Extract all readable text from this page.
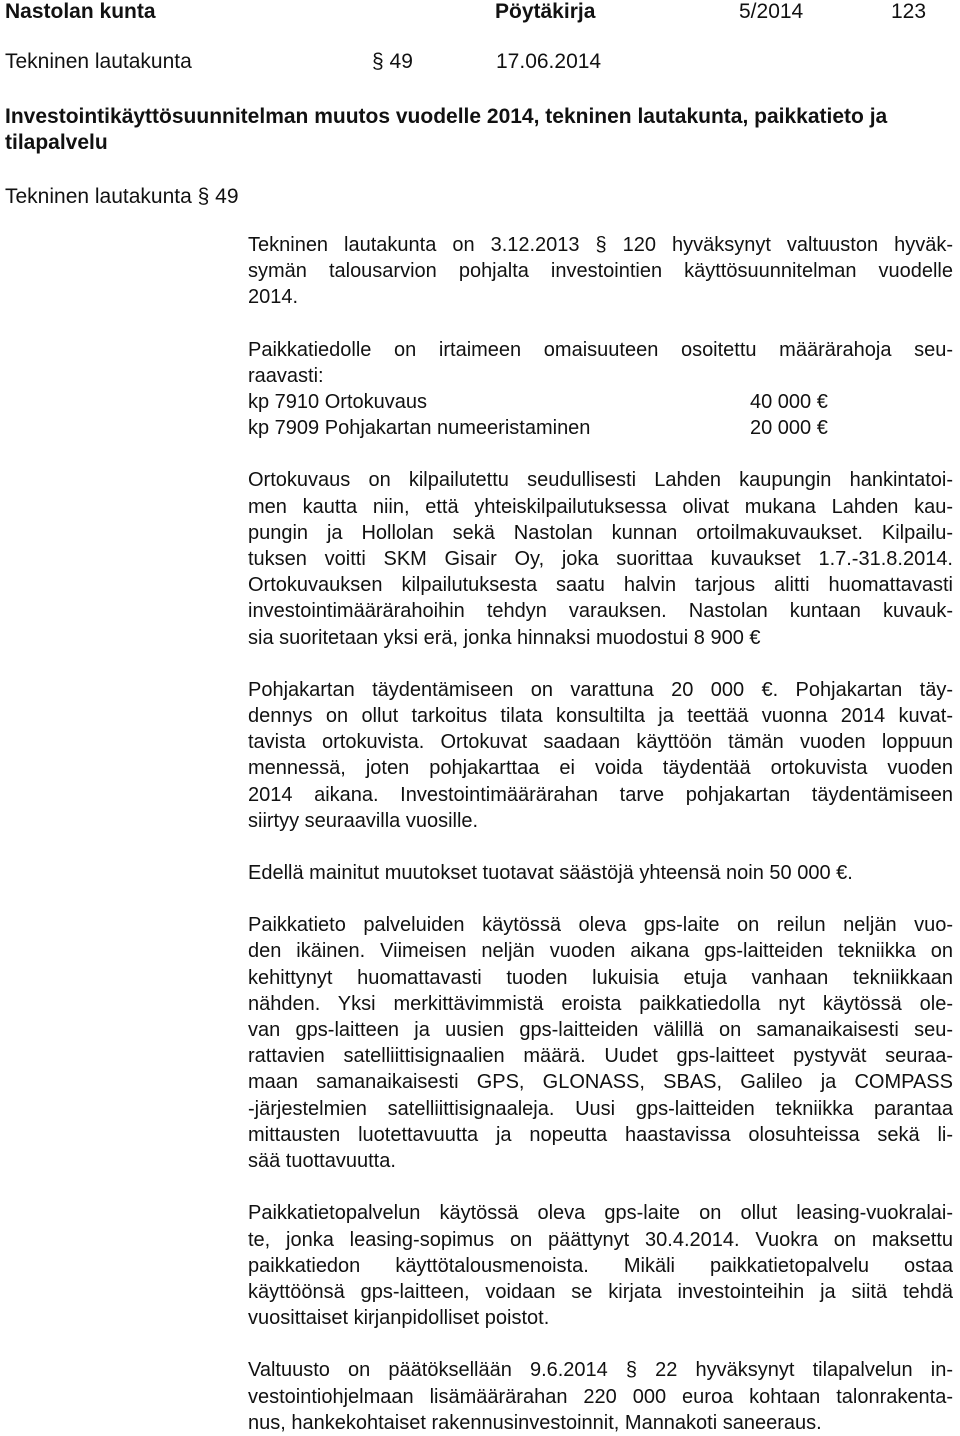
Nastolan kunta	Pöytäkirja	5/2014	123
Tekninen lautakunta	§ 49	17.06.2014
Investointikäyttösuunnitelman muutos vuodelle 2014, tekninen lautakunta, paikkatieto ja
tilapalvelu
Tekninen lautakunta § 49

Tekninen lautakunta on 3.12.2013 § 120 hyväksynyt valtuuston hyväk-
symän talousarvion pohjalta investointien käyttösuunnitelman vuodelle
2014.

Paikkatiedolle on irtaimeen omaisuuteen osoitettu määrärahoja seu-
raavasti:
kp 7910 Ortokuvaus	40 000 €
kp 7909 Pohjakartan numeeristaminen	20 000 €

Ortokuvaus on kilpailutettu seudullisesti Lahden kaupungin hankintatoi-
men kautta niin, että yhteiskilpailutuksessa olivat mukana Lahden kau-
pungin ja Hollolan sekä Nastolan kunnan ortoilmakuvaukset. Kilpailu-
tuksen voitti SKM Gisair Oy, joka suorittaa kuvaukset 1.7.-31.8.2014.
Ortokuvauksen kilpailutuksesta saatu halvin tarjous alitti huomattavasti
investointimäärärahoihin tehdyn varauksen. Nastolan kuntaan kuvauk-
sia suoritetaan yksi erä, jonka hinnaksi muodostui 8 900 €

Pohjakartan täydentämiseen on varattuna 20 000 €. Pohjakartan täy-
dennys on ollut tarkoitus tilata konsultilta ja teettää vuonna 2014 kuvat-
tavista ortokuvista. Ortokuvat saadaan käyttöön tämän vuoden loppuun
mennessä, joten pohjakarttaa ei voida täydentää ortokuvista vuoden
2014 aikana. Investointimäärärahan tarve pohjakartan täydentämiseen
siirtyy seuraavilla vuosille.

Edellä mainitut muutokset tuotavat säästöjä yhteensä noin 50 000 €.

Paikkatieto palveluiden käytössä oleva gps-laite on reilun neljän vuo-
den ikäinen. Viimeisen neljän vuoden aikana gps-laitteiden tekniikka on
kehittynyt huomattavasti tuoden lukuisia etuja vanhaan tekniikkaan
nähden. Yksi merkittävimmistä eroista paikkatiedolla nyt käytössä ole-
van gps-laitteen ja uusien gps-laitteiden välillä on samanaikaisesti seu-
rattavien satelliittisignaalien määrä. Uudet gps-laitteet pystyvät seuraa-
maan samanaikaisesti GPS, GLONASS, SBAS, Galileo ja COMPASS
-järjestelmien satelliittisignaaleja. Uusi gps-laitteiden tekniikka parantaa
mittausten luotettavuutta ja nopeutta haastavissa olosuhteissa sekä li-
sää tuottavuutta.

Paikkatietopalvelun käytössä oleva gps-laite on ollut leasing-vuokralai-
te, jonka leasing-sopimus on päättynyt 30.4.2014. Vuokra on maksettu
paikkatiedon käyttötalousmenoista. Mikäli paikkatietopalvelu ostaa
käyttöönsä gps-laitteen, voidaan se kirjata investointeihin ja siitä tehdä
vuosittaiset kirjanpidolliset poistot.

Valtuusto on päätöksellään 9.6.2014 § 22 hyväksynyt tilapalvelun in-
vestointiohjelmaan lisämäärärahan 220 000 euroa kohtaan talonrakenta-
nus, hankekohtaiset rakennusinvestoinnit, Mannakoti saneeraus.
